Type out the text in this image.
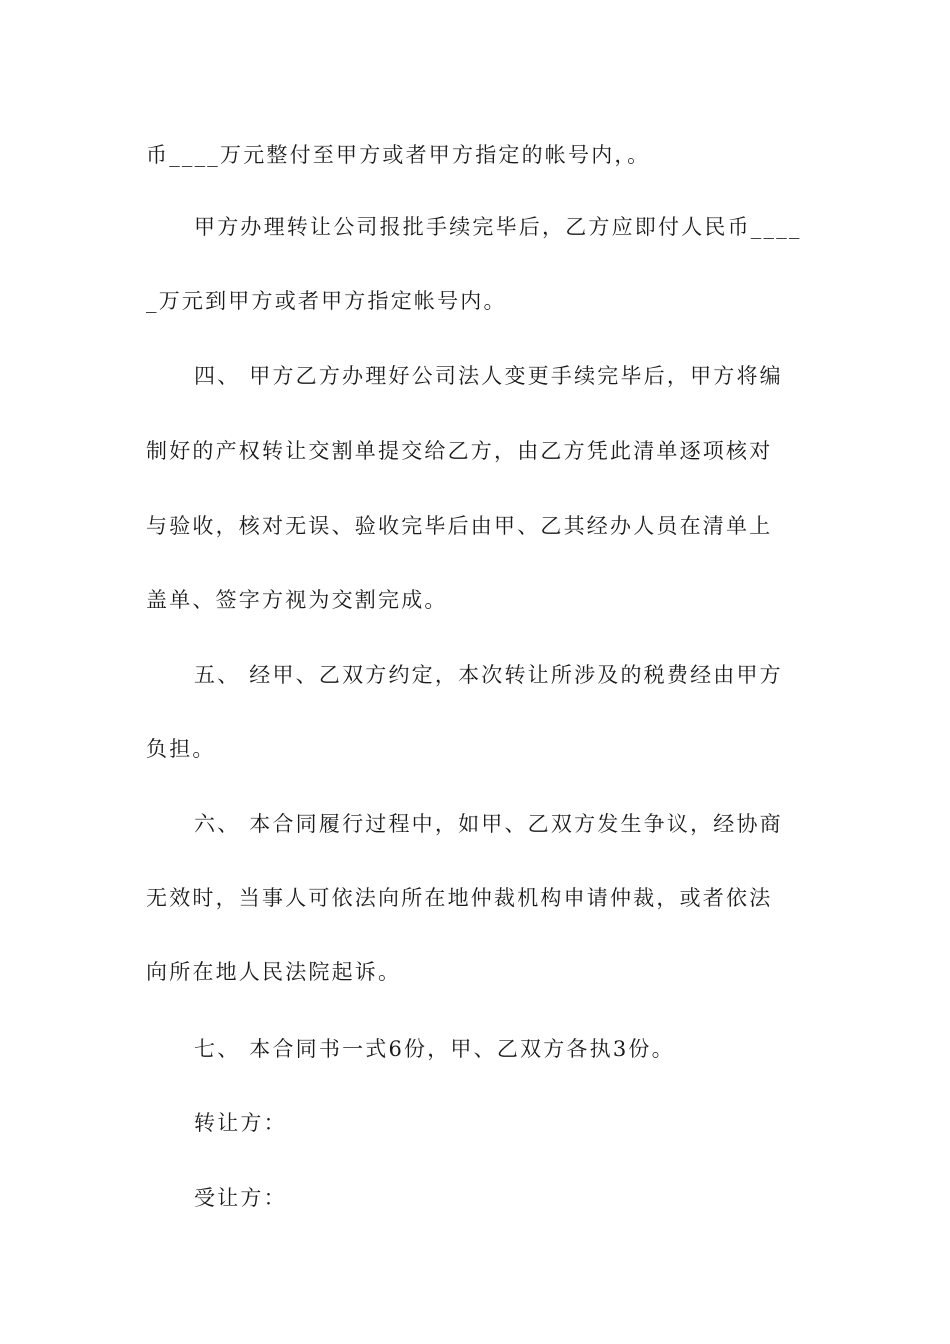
币____万元整付至甲方或者甲方指定的帐号内，。
甲方办理转让公司报批手续完毕后，乙方应即付人民币____
_万元到甲方或者甲方指定帐号内。
四、 甲方乙方办理好公司法人变更手续完毕后，甲方将编
制好的产权转让交割单提交给乙方，由乙方凭此清单逐项核对
与验收，核对无误、验收完毕后由甲、乙其经办人员在清单上
盖单、签字方视为交割完成。
五、 经甲、乙双方约定，本次转让所涉及的税费经由甲方
负担。
六、 本合同履行过程中，如甲、乙双方发生争议，经协商
无效时，当事人可依法向所在地仲裁机构申请仲裁，或者依法
向所在地人民法院起诉。
七、 本合同书一式6份，甲、乙双方各执3份。
转让方：
受让方：
